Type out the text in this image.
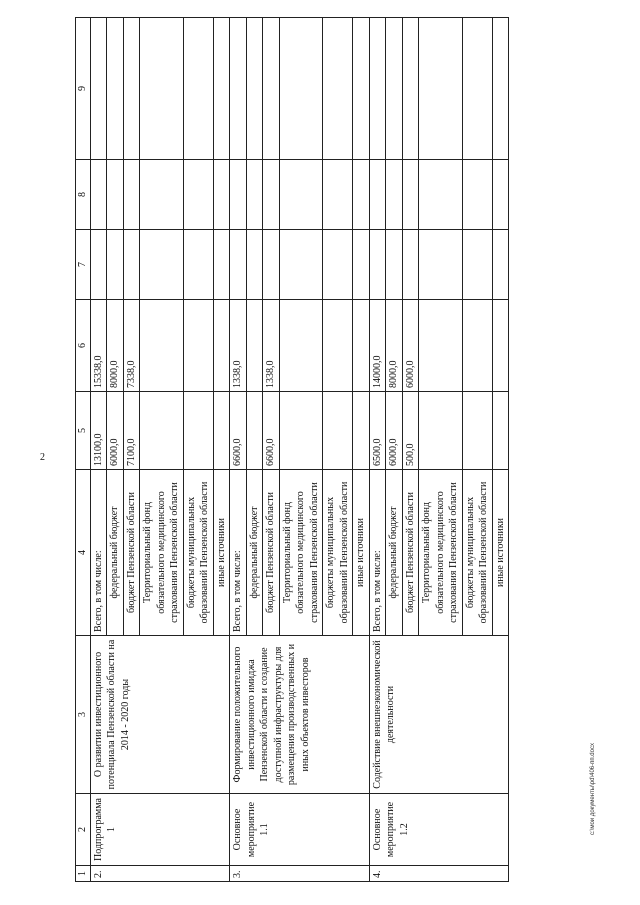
2
c:\мои документы\pd\406-пп.docx
1	2	3	4	5	6	7	8	9
2.	Подпрограмма 1	О развитии инвестиционного потенциала Пензенской области на 2014 - 2020 годы	Всего, в том числе:	13100,0	15338,0			
			федеральный бюджет	6000,0	8000,0			
			бюджет Пензенской области	7100,0	7338,0			
			Территориальный фонд обязательного медицинского страхования Пензенской области					
			бюджеты муниципальных образований Пензенской области					
			иные источники					
3.	Основное мероприятие 1.1	Формирование положительного инвестиционного имиджа Пензенской области и создание доступной инфраструктуры для размещения производственных и иных объектов инвесторов	Всего, в том числе:	6600,0	1338,0			
			федеральный бюджет					
			бюджет Пензенской области	6600,0	1338,0			
			Территориальный фонд обязательного медицинского страхования Пензенской области					
			бюджеты муниципальных образований Пензенской области					
			иные источники					
4.	Основное мероприятие 1.2	Содействие внешнеэкономической деятельности	Всего, в том числе:	6500,0	14000,0			
			федеральный бюджет	6000,0	8000,0			
			бюджет Пензенской области	500,0	6000,0			
			Территориальный фонд обязательного медицинского страхования Пензенской области					
			бюджеты муниципальных образований Пензенской области					
			иные источники					
